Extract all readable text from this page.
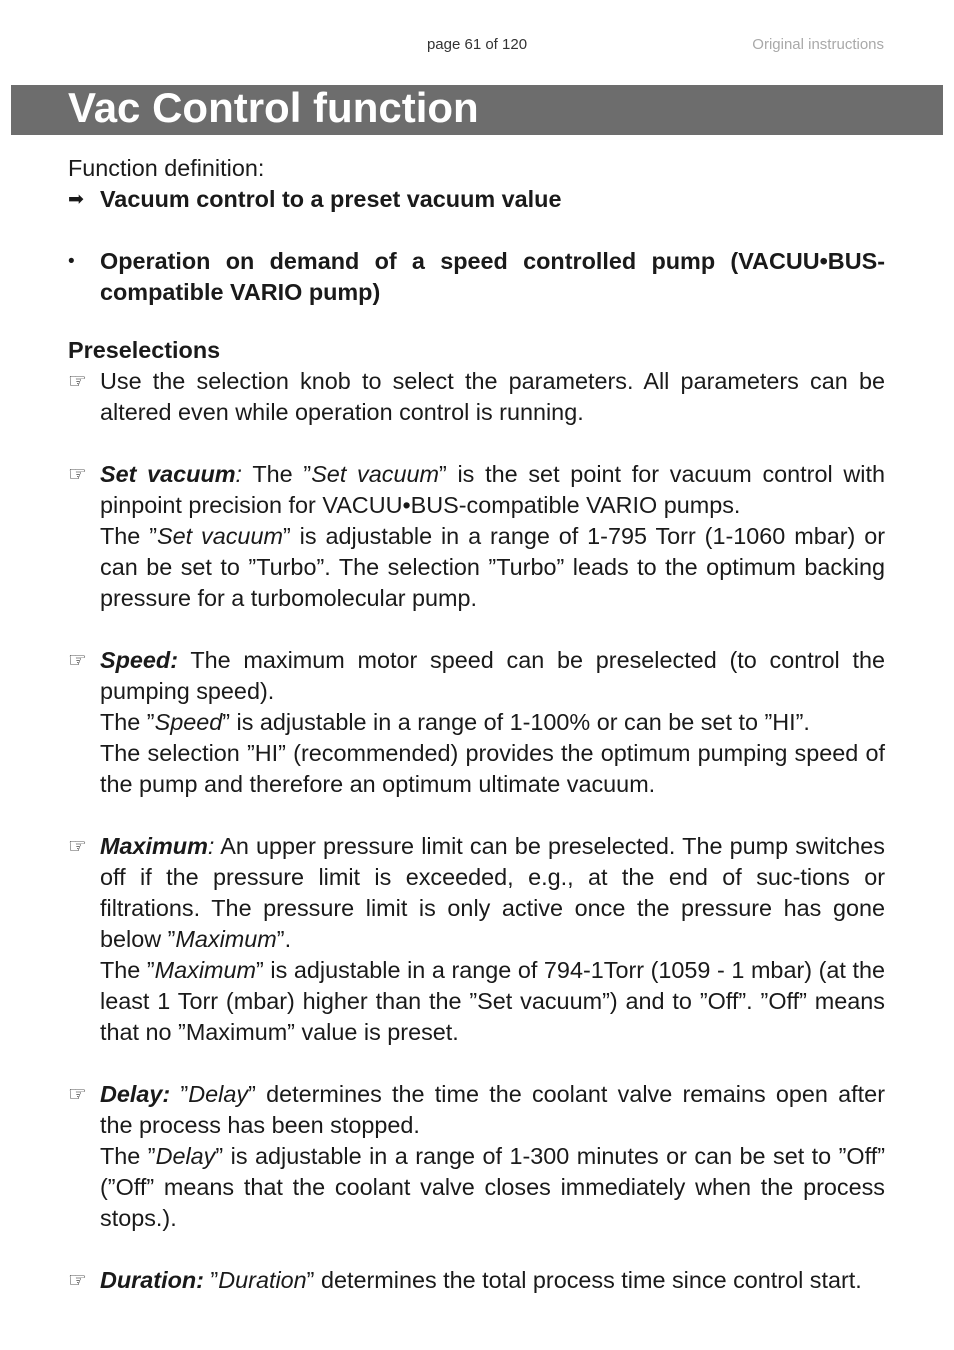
page 61 of 120	Original instructions
Vac Control function
Function definition:
➡ Vacuum control to a preset vacuum value
•	Operation on demand of a speed controlled pump (VACUU•BUS-compatible VARIO pump)
Preselections
☞ Use the selection knob to select the parameters. All parameters can be altered even while operation control is running.

☞ Set vacuum: The ”Set vacuum” is the set point for vacuum control with pinpoint precision for VACUU•BUS-compatible VARIO pumps.

The ”Set vacuum” is adjustable in a range of 1-795 Torr (1-1060 mbar) or can be set to ”Turbo”. The selection ”Turbo” leads to the optimum backing pressure for a turbomolecular pump.

☞ Speed: The maximum motor speed can be preselected (to control the pumping speed).

The ”Speed” is adjustable in a range of 1-100% or can be set to ”HI”.

The selection ”HI” (recommended) provides the optimum pumping speed of the pump and therefore an optimum ultimate vacuum.

☞ Maximum: An upper pressure limit can be preselected. The pump switches off if the pressure limit is exceeded, e.g., at the end of suc-tions or filtrations. The pressure limit is only active once the pressure has gone below ”Maximum”.

The ”Maximum” is adjustable in a range of 794-1Torr (1059 - 1 mbar) (at the least 1 Torr (mbar) higher than the ”Set vacuum”) and to ”Off”. ”Off” means that no ”Maximum” value is preset.

☞ Delay: ”Delay” determines the time the coolant valve remains open after the process has been stopped.

The ”Delay” is adjustable in a range of 1-300 minutes or can be set to ”Off” (”Off” means that the coolant valve closes immediately when the process stops.).

☞ Duration: ”Duration” determines the total process time since control start.
